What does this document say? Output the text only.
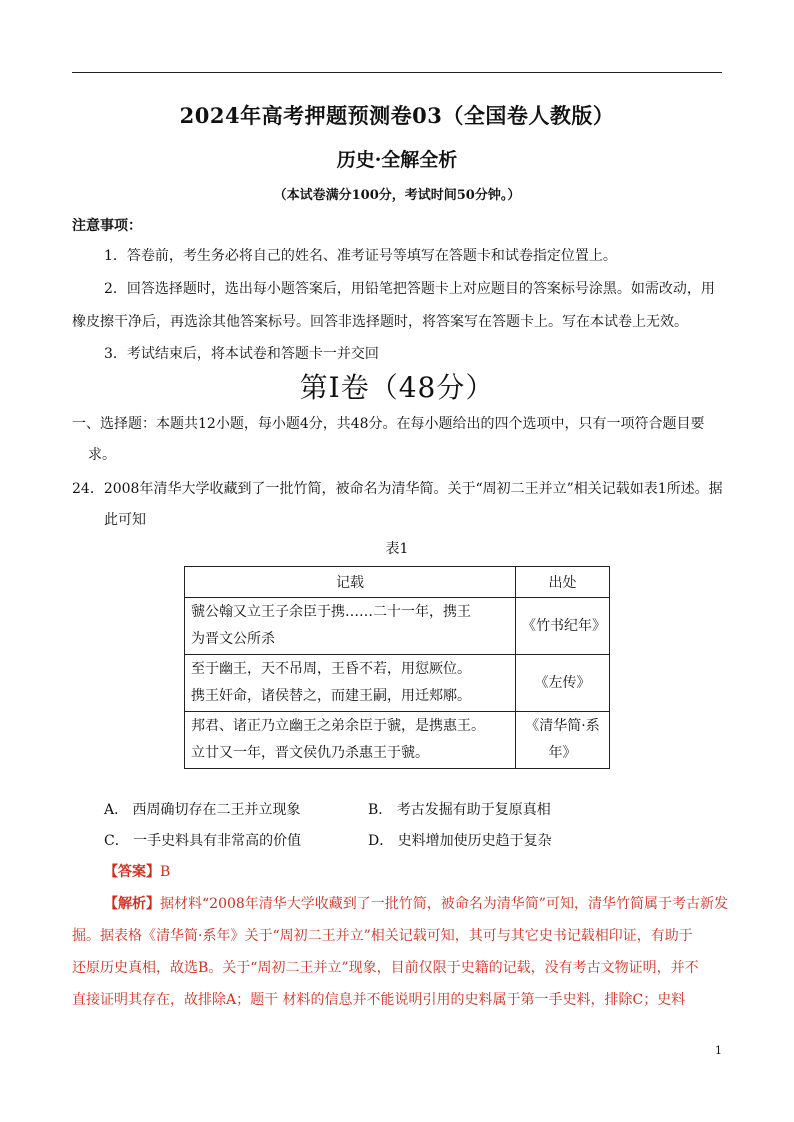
2024年高考押题预测卷03（全国卷人教版）
历史·全解全析
（本试卷满分100分，考试时间50分钟。）
注意事项：
1．答卷前，考生务必将自己的姓名、准考证号等填写在答题卡和试卷指定位置上。
2．回答选择题时，选出每小题答案后，用铅笔把答题卡上对应题目的答案标号涂黑。如需改动，用
橡皮擦干净后，再选涂其他答案标号。回答非选择题时，将答案写在答题卡上。写在本试卷上无效。
3．考试结束后，将本试卷和答题卡一并交回
第Ⅰ卷（48分）
一、选择题：本题共12小题，每小题4分，共48分。在每小题给出的四个选项中，只有一项符合题目要
求。
24．2008年清华大学收藏到了一批竹简，被命名为清华简。关于“周初二王并立”相关记载如表1所述。据
此可知
表1
记载	出处
虢公翰又立王子余臣于携……二十一年，携王
为晋文公所杀	《竹书纪年》
至于幽王，天不吊周，王昏不若，用愆厥位。
携王奸命，诸侯替之，而建王嗣，用迁郏鄏。	《左传》
邦君、诸正乃立幽王之弟余臣于虢，是携惠王。
立廿又一年，晋文侯仇乃杀惠王于虢。	《清华简·系
年》
A． 西周确切存在二王并立现象	B． 考古发掘有助于复原真相
C． 一手史料具有非常高的价值	D． 史料增加使历史趋于复杂
【答案】B
【解析】据材料“2008年清华大学收藏到了一批竹简，被命名为清华简”可知，清华竹简属于考古新发
掘。据表格《清华简·系年》关于“周初二王并立”相关记载可知，其可与其它史书记载相印证，有助于
还原历史真相，故选B。关于“周初二王并立”现象，目前仅限于史籍的记载，没有考古文物证明，并不
直接证明其存在，故排除A；题干 材料的信息并不能说明引用的史料属于第一手史料，排除C；史料
1
